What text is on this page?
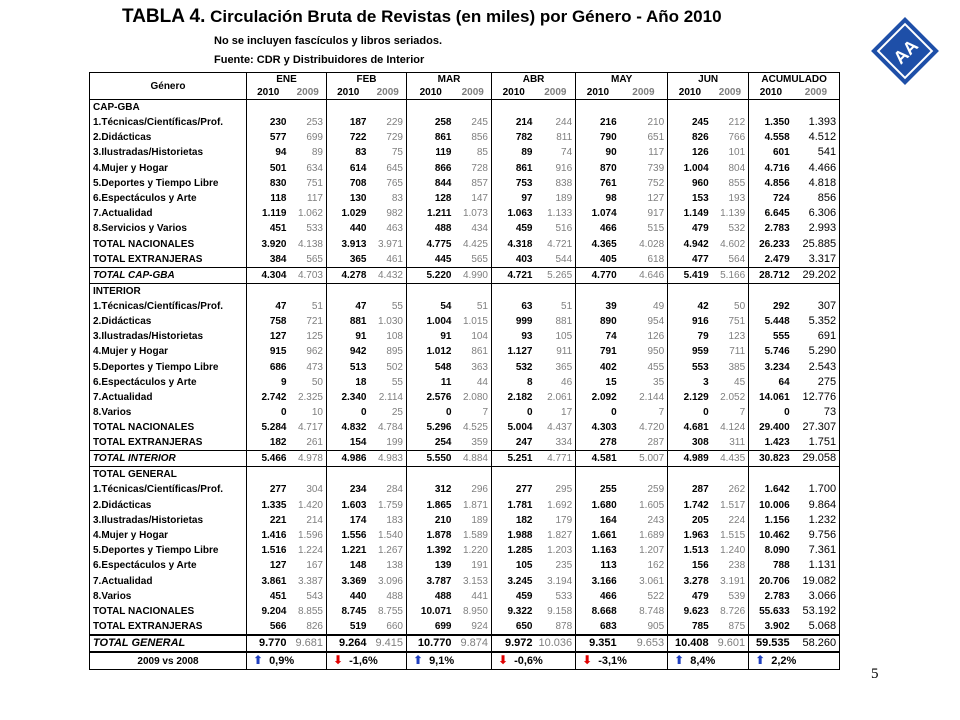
TABLA 4. Circulación Bruta de Revistas (en miles) por Género - Año 2010
No se incluyen fascículos y libros seriados.
Fuente: CDR y Distribuidores de Interior	AA
Género	ENE		FEB		MAR		ABR		MAY		JUN		ACUMULADO	
	2010	2009	2010	2009	2010	2009	2010	2009	2010	2009	2010	2009	2010	2009
CAP-GBA														
1.Técnicas/Científicas/Prof.	230	253	187	229	258	245	214	244	216	210	245	212	1.350	1.393
2.Didácticas	577	699	722	729	861	856	782	811	790	651	826	766	4.558	4.512
3.Ilustradas/Historietas	94	89	83	75	119	85	89	74	90	117	126	101	601	541
4.Mujer y Hogar	501	634	614	645	866	728	861	916	870	739	1.004	804	4.716	4.466
5.Deportes y Tiempo Libre	830	751	708	765	844	857	753	838	761	752	960	855	4.856	4.818
6.Espectáculos y Arte	118	117	130	83	128	147	97	189	98	127	153	193	724	856
7.Actualidad	1.119	1.062	1.029	982	1.211	1.073	1.063	1.133	1.074	917	1.149	1.139	6.645	6.306
8.Servicios y Varios	451	533	440	463	488	434	459	516	466	515	479	532	2.783	2.993
TOTAL NACIONALES	3.920	4.138	3.913	3.971	4.775	4.425	4.318	4.721	4.365	4.028	4.942	4.602	26.233	25.885
TOTAL EXTRANJERAS	384	565	365	461	445	565	403	544	405	618	477	564	2.479	3.317
TOTAL CAP-GBA	4.304	4.703	4.278	4.432	5.220	4.990	4.721	5.265	4.770	4.646	5.419	5.166	28.712	29.202
INTERIOR														
1.Técnicas/Científicas/Prof.	47	51	47	55	54	51	63	51	39	49	42	50	292	307
2.Didácticas	758	721	881	1.030	1.004	1.015	999	881	890	954	916	751	5.448	5.352
3.Ilustradas/Historietas	127	125	91	108	91	104	93	105	74	126	79	123	555	691
4.Mujer y Hogar	915	962	942	895	1.012	861	1.127	911	791	950	959	711	5.746	5.290
5.Deportes y Tiempo Libre	686	473	513	502	548	363	532	365	402	455	553	385	3.234	2.543
6.Espectáculos y Arte	9	50	18	55	11	44	8	46	15	35	3	45	64	275
7.Actualidad	2.742	2.325	2.340	2.114	2.576	2.080	2.182	2.061	2.092	2.144	2.129	2.052	14.061	12.776
8.Varios	0	10	0	25	0	7	0	17	0	7	0	7	0	73
TOTAL NACIONALES	5.284	4.717	4.832	4.784	5.296	4.525	5.004	4.437	4.303	4.720	4.681	4.124	29.400	27.307
TOTAL EXTRANJERAS	182	261	154	199	254	359	247	334	278	287	308	311	1.423	1.751
TOTAL INTERIOR	5.466	4.978	4.986	4.983	5.550	4.884	5.251	4.771	4.581	5.007	4.989	4.435	30.823	29.058
TOTAL GENERAL														
1.Técnicas/Científicas/Prof.	277	304	234	284	312	296	277	295	255	259	287	262	1.642	1.700
2.Didácticas	1.335	1.420	1.603	1.759	1.865	1.871	1.781	1.692	1.680	1.605	1.742	1.517	10.006	9.864
3.Ilustradas/Historietas	221	214	174	183	210	189	182	179	164	243	205	224	1.156	1.232
4.Mujer y Hogar	1.416	1.596	1.556	1.540	1.878	1.589	1.988	1.827	1.661	1.689	1.963	1.515	10.462	9.756
5.Deportes y Tiempo Libre	1.516	1.224	1.221	1.267	1.392	1.220	1.285	1.203	1.163	1.207	1.513	1.240	8.090	7.361
6.Espectáculos y Arte	127	167	148	138	139	191	105	235	113	162	156	238	788	1.131
7.Actualidad	3.861	3.387	3.369	3.096	3.787	3.153	3.245	3.194	3.166	3.061	3.278	3.191	20.706	19.082
8.Varios	451	543	440	488	488	441	459	533	466	522	479	539	2.783	3.066
TOTAL NACIONALES	9.204	8.855	8.745	8.755	10.071	8.950	9.322	9.158	8.668	8.748	9.623	8.726	55.633	53.192
TOTAL EXTRANJERAS	566	826	519	660	699	924	650	878	683	905	785	875	3.902	5.068
TOTAL GENERAL	9.770	9.681	9.264	9.415	10.770	9.874	9.972	10.036	9.351	9.653	10.408	9.601	59.535	58.260
2009 vs 2008	⬆ 0,9%		⬇ -1,6%		⬆ 9,1%		⬇ -0,6%		⬇ -3,1%		⬆ 8,4%		⬆ 2,2%	
5
